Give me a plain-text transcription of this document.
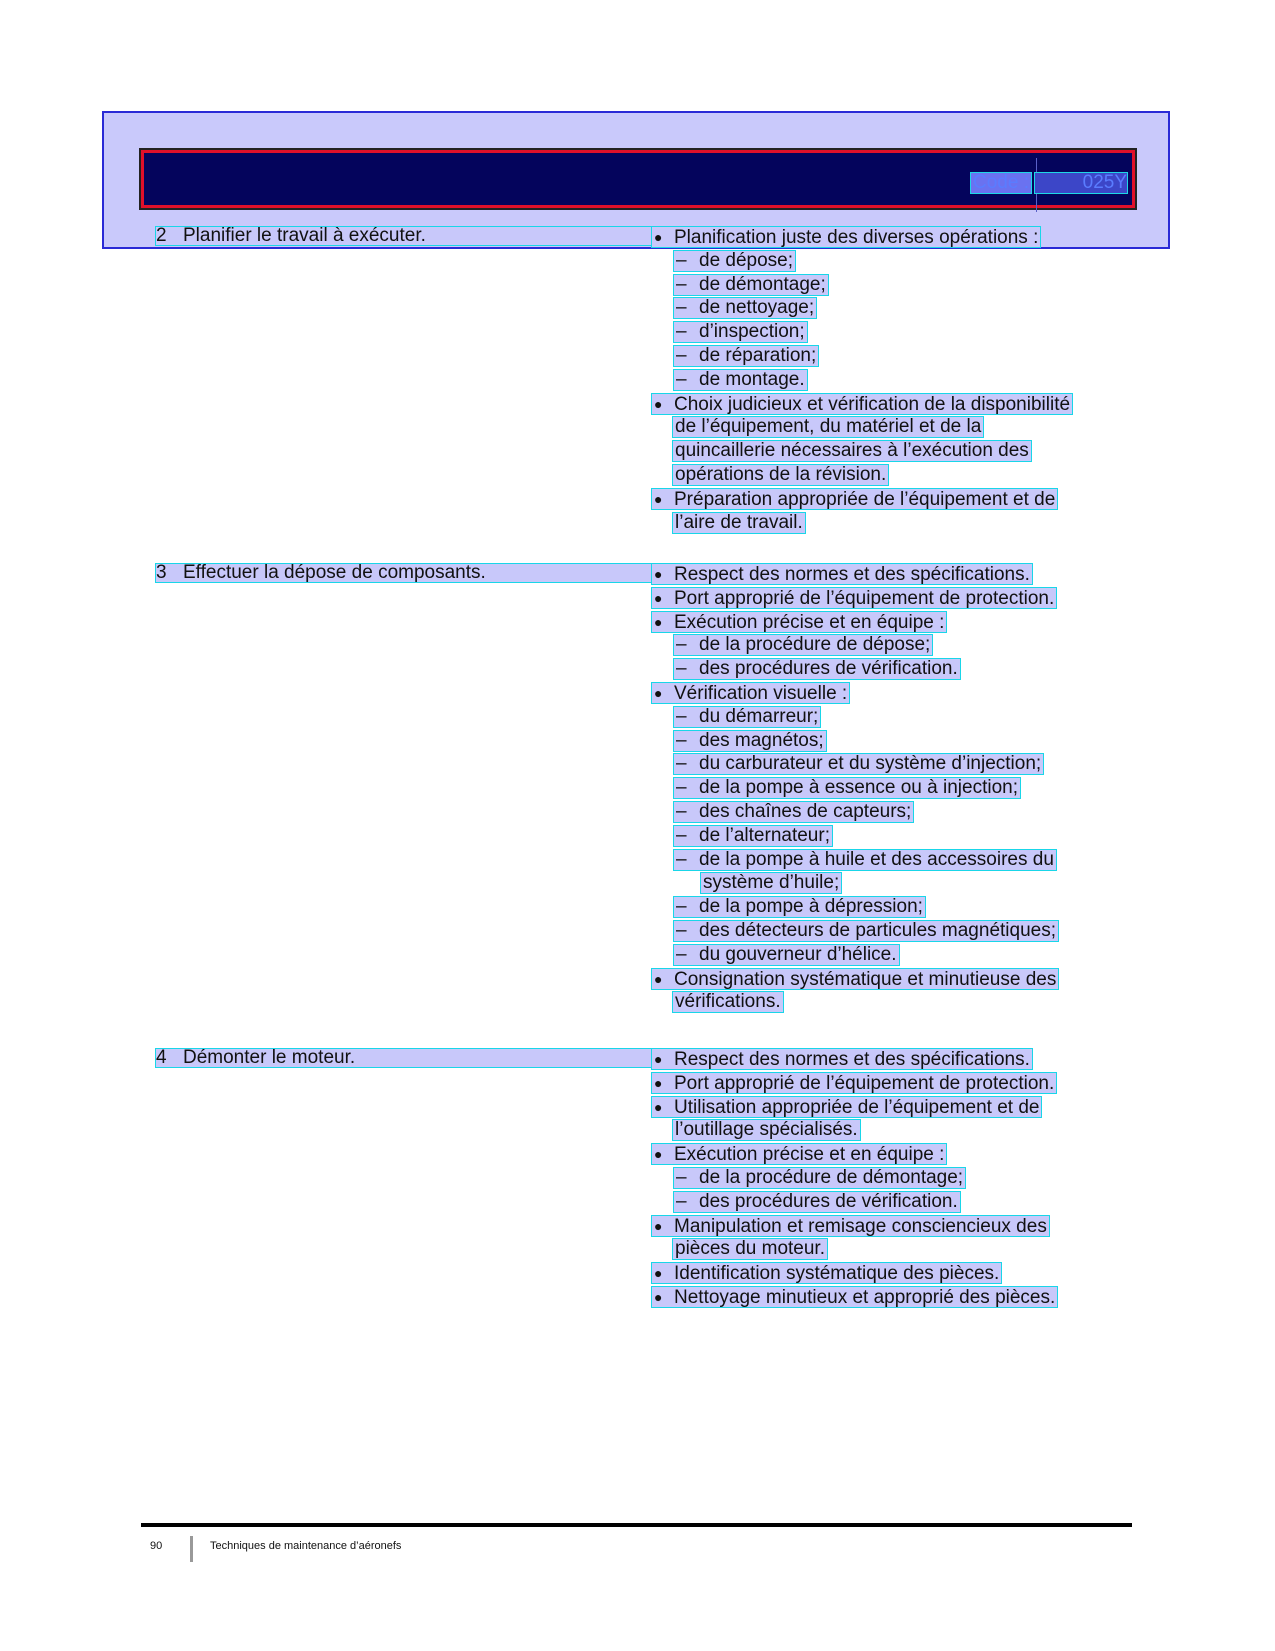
Code :	025Y
2 Planifier le travail à exécuter.	● Planification juste des diverses opérations :
– de dépose;
– de démontage;
– de nettoyage;
– d’inspection;
– de réparation;
– de montage.
● Choix judicieux et vérification de la disponibilité
de l’équipement, du matériel et de la
quincaillerie nécessaires à l’exécution des
opérations de la révision.
● Préparation appropriée de l’équipement et de
l’aire de travail.
3 Effectuer la dépose de composants.	● Respect des normes et des spécifications.
● Port approprié de l’équipement de protection.
● Exécution précise et en équipe :
– de la procédure de dépose;
– des procédures de vérification.
● Vérification visuelle :
– du démarreur;
– des magnétos;
– du carburateur et du système d’injection;
– de la pompe à essence ou à injection;
– des chaînes de capteurs;
– de l’alternateur;
– de la pompe à huile et des accessoires du
système d’huile;
– de la pompe à dépression;
– des détecteurs de particules magnétiques;
– du gouverneur d’hélice.
● Consignation systématique et minutieuse des
vérifications.
4 Démonter le moteur.	● Respect des normes et des spécifications.
● Port approprié de l’équipement de protection.
● Utilisation appropriée de l’équipement et de
l’outillage spécialisés.
● Exécution précise et en équipe :
– de la procédure de démontage;
– des procédures de vérification.
● Manipulation et remisage consciencieux des
pièces du moteur.
● Identification systématique des pièces.
● Nettoyage minutieux et approprié des pièces.
90	Techniques de maintenance d’aéronefs
